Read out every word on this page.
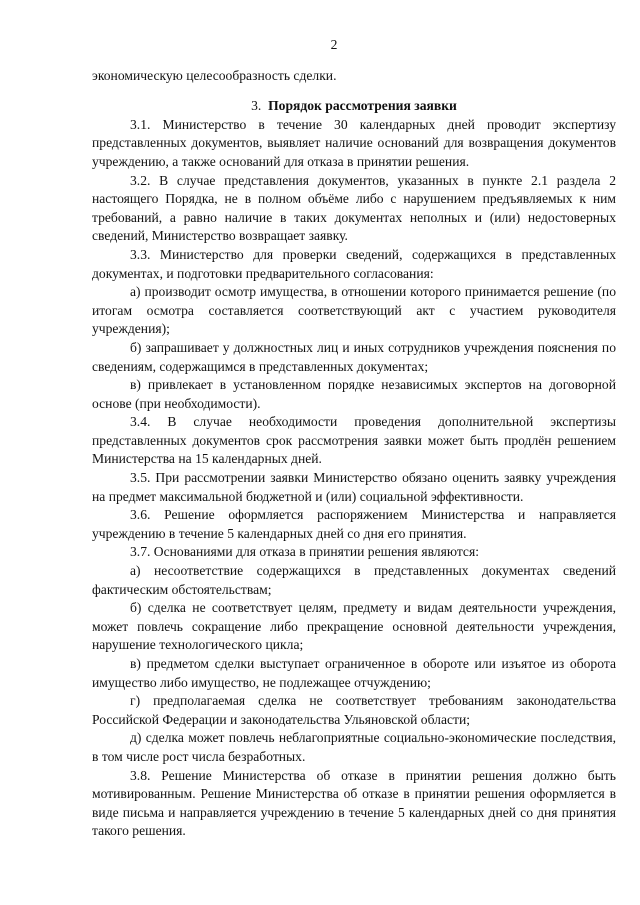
2

экономическую целесообразность сделки.

3. Порядок рассмотрения заявки

3.1. Министерство в течение 30 календарных дней проводит экспертизу представленных документов, выявляет наличие оснований для возвращения документов учреждению, а также оснований для отказа в принятии решения.

3.2. В случае представления документов, указанных в пункте 2.1 раздела 2 настоящего Порядка, не в полном объёме либо с нарушением предъявляемых к ним требований, а равно наличие в таких документах неполных и (или) недостоверных сведений, Министерство возвращает заявку.

3.3. Министерство для проверки сведений, содержащихся в представленных документах, и подготовки предварительного согласования:

а) производит осмотр имущества, в отношении которого принимается решение (по итогам осмотра составляется соответствующий акт с участием руководителя учреждения);

б) запрашивает у должностных лиц и иных сотрудников учреждения пояснения по сведениям, содержащимся в представленных документах;

в) привлекает в установленном порядке независимых экспертов на договорной основе (при необходимости).

3.4. В случае необходимости проведения дополнительной экспертизы представленных документов срок рассмотрения заявки может быть продлён решением Министерства на 15 календарных дней.

3.5. При рассмотрении заявки Министерство обязано оценить заявку учреждения на предмет максимальной бюджетной и (или) социальной эффективности.

3.6. Решение оформляется распоряжением Министерства и направляется учреждению в течение 5 календарных дней со дня его принятия.

3.7. Основаниями для отказа в принятии решения являются:

а) несоответствие содержащихся в представленных документах сведений фактическим обстоятельствам;

б) сделка не соответствует целям, предмету и видам деятельности учреждения, может повлечь сокращение либо прекращение основной деятельности учреждения, нарушение технологического цикла;

в) предметом сделки выступает ограниченное в обороте или изъятое из оборота имущество либо имущество, не подлежащее отчуждению;

г) предполагаемая сделка не соответствует требованиям законодательства Российской Федерации и законодательства Ульяновской области;

д) сделка может повлечь неблагоприятные социально-экономические последствия, в том числе рост числа безработных.

3.8. Решение Министерства об отказе в принятии решения должно быть мотивированным. Решение Министерства об отказе в принятии решения оформляется в виде письма и направляется учреждению в течение 5 календарных дней со дня принятия такого решения.
